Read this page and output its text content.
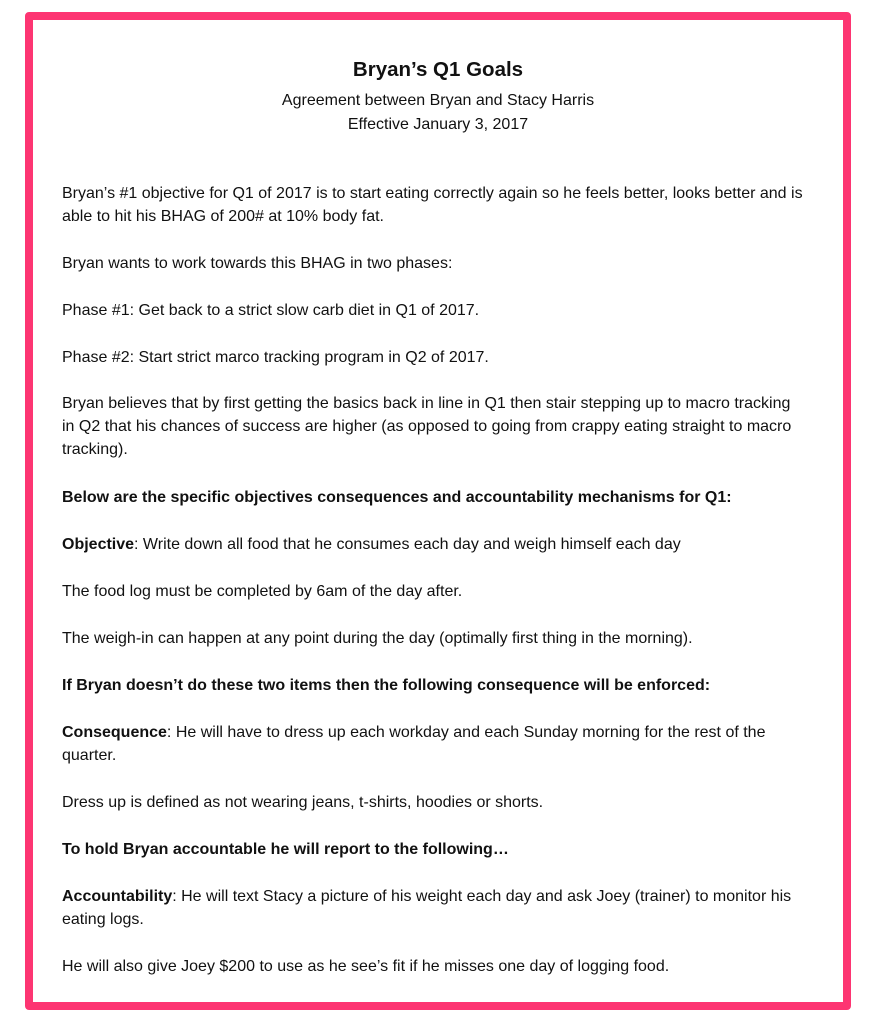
Bryan’s Q1 Goals

Agreement between Bryan and Stacy Harris

Effective January 3, 2017

Bryan’s #1 objective for Q1 of 2017 is to start eating correctly again so he feels better, looks better and is able to hit his BHAG of 200# at 10% body fat.

Bryan wants to work towards this BHAG in two phases:

Phase #1: Get back to a strict slow carb diet in Q1 of 2017.

Phase #2: Start strict marco tracking program in Q2 of 2017.

Bryan believes that by first getting the basics back in line in Q1 then stair stepping up to macro tracking in Q2 that his chances of success are higher (as opposed to going from crappy eating straight to macro tracking).

Below are the specific objectives consequences and accountability mechanisms for Q1:

Objective: Write down all food that he consumes each day and weigh himself each day

The food log must be completed by 6am of the day after.

The weigh-in can happen at any point during the day (optimally first thing in the morning).

If Bryan doesn’t do these two items then the following consequence will be enforced:

Consequence: He will have to dress up each workday and each Sunday morning for the rest of the quarter.

Dress up is defined as not wearing jeans, t-shirts, hoodies or shorts.

To hold Bryan accountable he will report to the following…

Accountability: He will text Stacy a picture of his weight each day and ask Joey (trainer) to monitor his eating logs.

He will also give Joey $200 to use as he see’s fit if he misses one day of logging food.
